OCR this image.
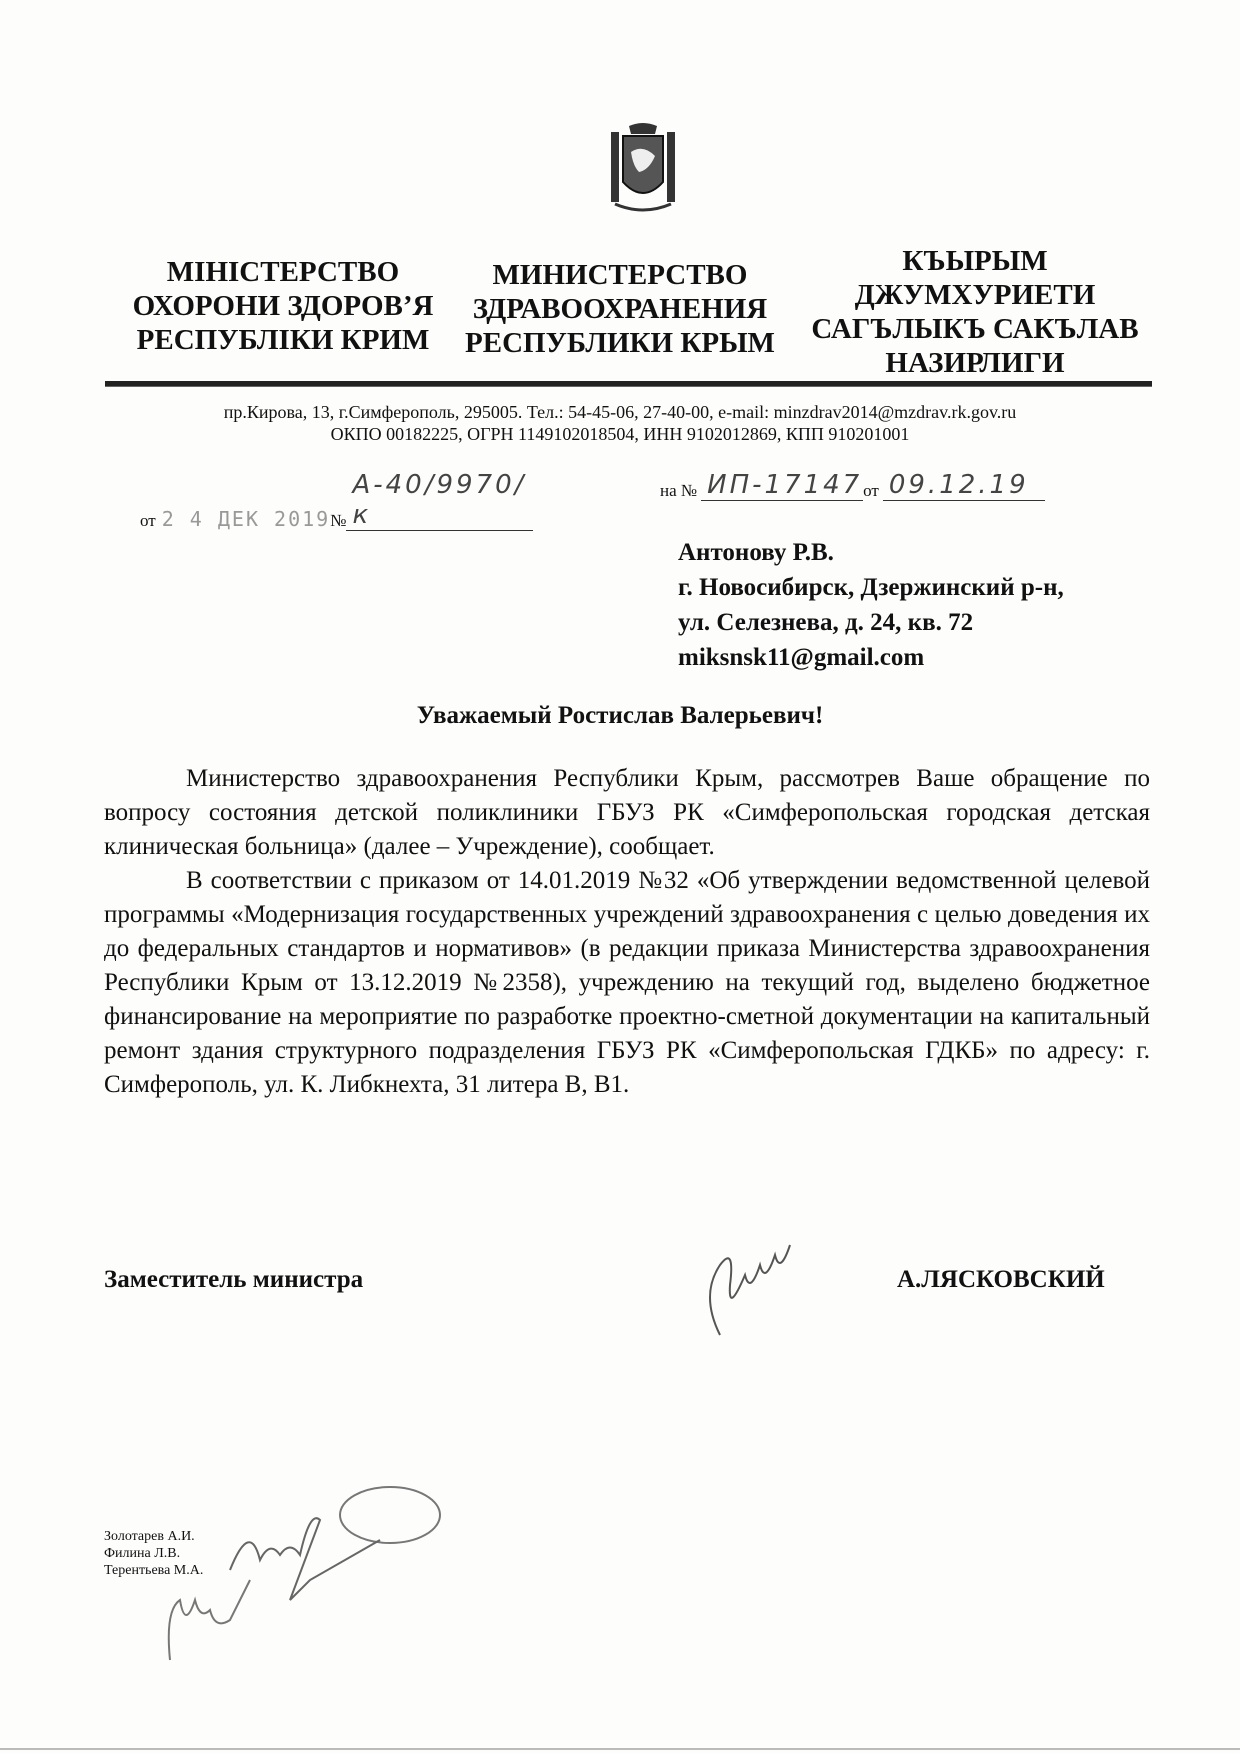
МІНІСТЕРСТВО
ОХОРОНИ ЗДОРОВ’Я
РЕСПУБЛІКИ КРИМ
МИНИСТЕРСТВО
ЗДРАВООХРАНЕНИЯ
РЕСПУБЛИКИ КРЫМ
КЪЫРЫМ
ДЖУМХУРИЕТИ
САГЪЛЫКЪ САКЪЛАВ
НАЗИРЛИГИ
пр.Кирова, 13, г.Симферополь, 295005. Тел.: 54-45-06, 27-40-00, e-mail: minzdrav2014@mzdrav.rk.gov.ru
ОКПО 00182225, ОГРН 1149102018504, ИНН 9102012869, КПП 910201001
от 2 4 ДЕК 2019 №
А-40/9970/к
на № ИП-17147 от 09.12.19
Антонову Р.В.
г. Новосибирск, Дзержинский р-н,
ул. Селезнева, д. 24, кв. 72
miksnsk11@gmail.com
Уважаемый Ростислав Валерьевич!

Министерство здравоохранения Республики Крым, рассмотрев Ваше обращение по вопросу состояния детской поликлиники ГБУЗ РК «Симферопольская городская детская клиническая больница» (далее – Учреждение), сообщает.

В соответствии с приказом от 14.01.2019 №32 «Об утверждении ведомственной целевой программы «Модернизация государственных учреждений здравоохранения с целью доведения их до федеральных стандартов и нормативов» (в редакции приказа Министерства здравоохранения Республики Крым от 13.12.2019 №2358), учреждению на текущий год, выделено бюджетное финансирование на мероприятие по разработке проектно-сметной документации на капитальный ремонт здания структурного подразделения ГБУЗ РК «Симферопольская ГДКБ» по адресу: г. Симферополь, ул. К. Либкнехта, 31 литера В, В1.

Заместитель министра	А.ЛЯСКОВСКИЙ
Золотарев А.И.
Филина Л.В.
Терентьева М.А.
